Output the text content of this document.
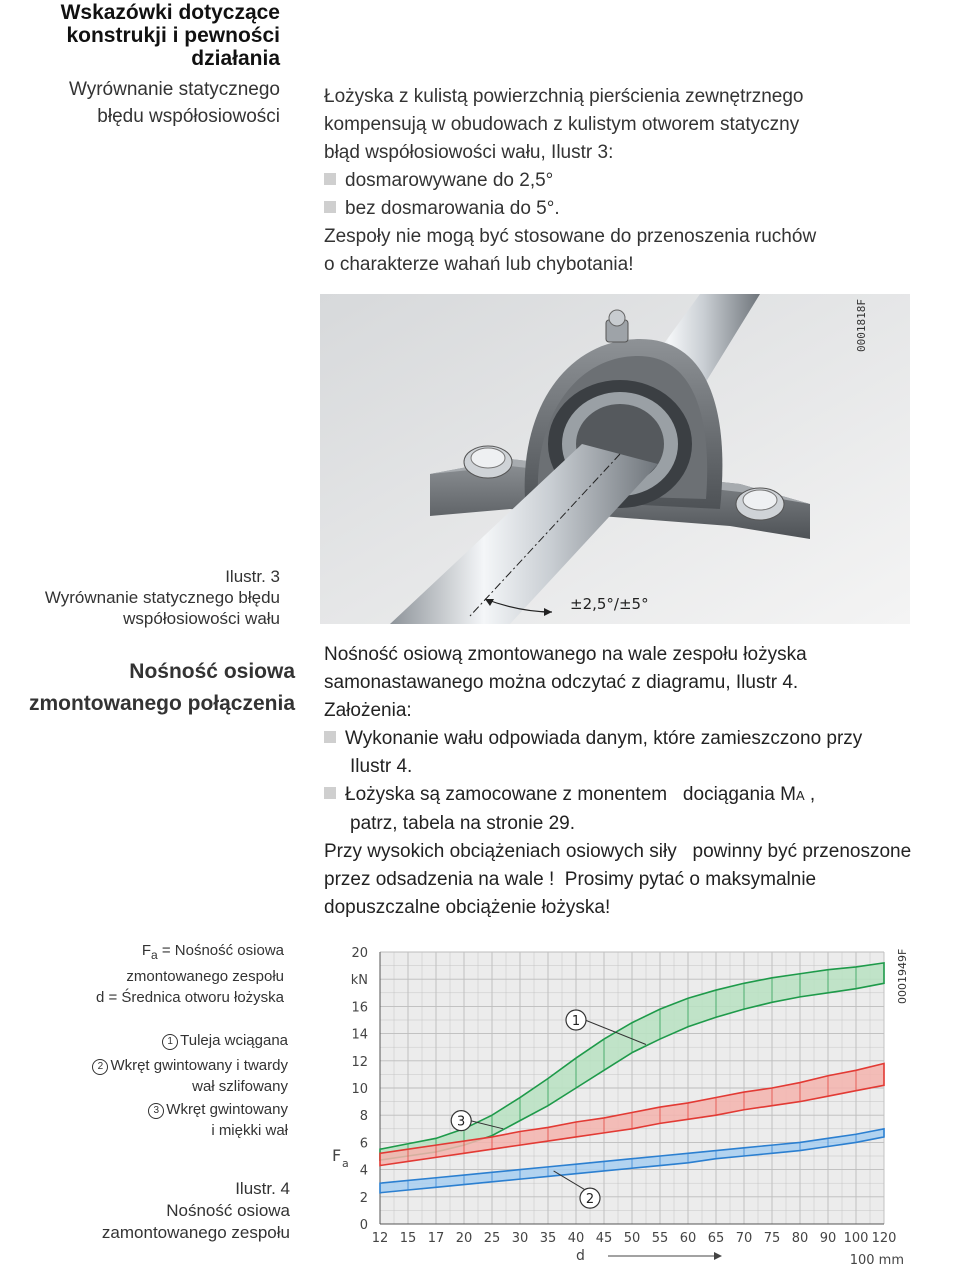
Wskazówki dotyczące
konstrukji i pewności
działania
Wyrównanie statycznego
błędu współosiowości
Ilustr. 3
Wyrównanie statycznego błędu
współosiowości wału
Nośność osiowa
zmontowanego połączenia
$F_a$ = Nośność osiowa
zmontowanego zespołu
d = Średnica otworu łożyska
1 Tuleja wciągana
2 Wkręt gwintowany i twardy
wał szlifowany
3 Wkręt gwintowany
i miękki wał
Ilustr. 4
Nośność osiowa
zamontowanego zespołu
Łożyska z kulistą powierzchnią pierścienia zewnętrznego
kompensują w obudowach z kulistym otworem statyczny
błąd współosiowości wału, Ilustr 3:
dosmarowywane do 2,5°
bez dosmarowania do 5°.
Zespoły nie mogą być stosowane do przenoszenia ruchów
o charakterze wahań lub chybotania!
±2,5°/±5°
0001818F
Nośność osiową zmontowanego na wale zespołu łożyska
samonastawanego można odczytać z diagramu, Ilustr 4.
Założenia:
Wykonanie wału odpowiada danym, które zamieszczono przy
Ilustr 4.
Łożyska są zamocowane z monentem   dociągania MA ,
patrz, tabela na stronie 29.
Przy wysokich obciążeniach osiowych siły   powinny być przenoszone
przez odsadzenia na wale !  Prosimy pytać o maksymalnie
dopuszczalne obciążenie łożyska!
0
2
4
6
8
10
12
14
16
20
12 15 17 20 25 30 35 40 45 50 55 60 65 70 75 80 90 100 120
kN
F a
d	100 mm
1
3
2
0001949F
